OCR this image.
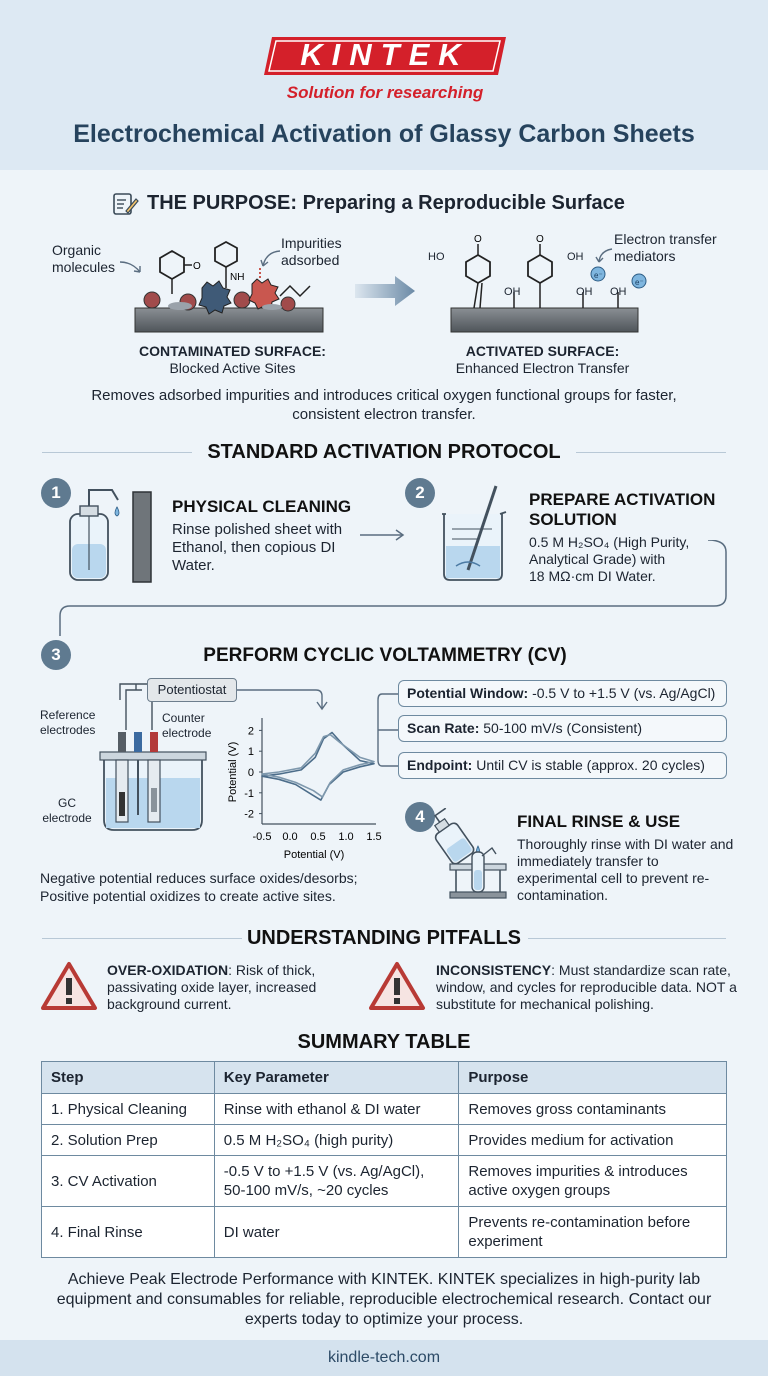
KINTEK
Solution for researching
Electrochemical Activation of Glassy Carbon Sheets
THE PURPOSE: Preparing a Reproducible Surface
O
NH
Organic
molecules
Impurities
adsorbed
CONTAMINATED SURFACE:
Blocked Active Sites
O	O
e⁻
e⁻
HO	OH
OH	OH OH
Electron transfer
mediators
ACTIVATED SURFACE:
Enhanced Electron Transfer
Removes adsorbed impurities and introduces critical oxygen functional groups for faster, consistent electron transfer.
STANDARD ACTIVATION PROTOCOL
1
PHYSICAL CLEANING
Rinse polished sheet with Ethanol, then copious DI Water.
2	PREPARE ACTIVATION SOLUTION
0.5 M H₂SO₄ (High Purity,
Analytical Grade) with
18 MΩ·cm DI Water.
3	PERFORM CYCLIC VOLTAMMETRY (CV)
Potentiostat
Reference
electrodes
Counter
electrode
GC
electrode
2
1
0
-1
-2
-0.5 0.0 0.5 1.0 1.5
Potential (V)
Potential (V)
Potential Window: -0.5 V to +1.5 V (vs. Ag/AgCl)
Scan Rate: 50-100 mV/s (Consistent)
Endpoint: Until CV is stable (approx. 20 cycles)
Negative potential reduces surface oxides/desorbs; Positive potential oxidizes to create active sites.
4	FINAL RINSE & USE
Thoroughly rinse with DI water and immediately transfer to experimental cell to prevent re-contamination.
UNDERSTANDING PITFALLS
OVER-OXIDATION: Risk of thick, passivating oxide layer, increased background current.
INCONSISTENCY: Must standardize scan rate, window, and cycles for reproducible data. NOT a substitute for mechanical polishing.
SUMMARY TABLE
Step	Key Parameter	Purpose
1. Physical Cleaning	Rinse with ethanol & DI water	Removes gross contaminants
2. Solution Prep	0.5 M H₂SO₄ (high purity)	Provides medium for activation
3. CV Activation	-0.5 V to +1.5 V (vs. Ag/AgCl), 50-100 mV/s, ~20 cycles	Removes impurities & introduces active oxygen groups
4. Final Rinse	DI water	Prevents re-contamination before experiment
Achieve Peak Electrode Performance with KINTEK. KINTEK specializes in high-purity lab equipment and consumables for reliable, reproducible electrochemical research. Contact our experts today to optimize your process.
kindle-tech.com
